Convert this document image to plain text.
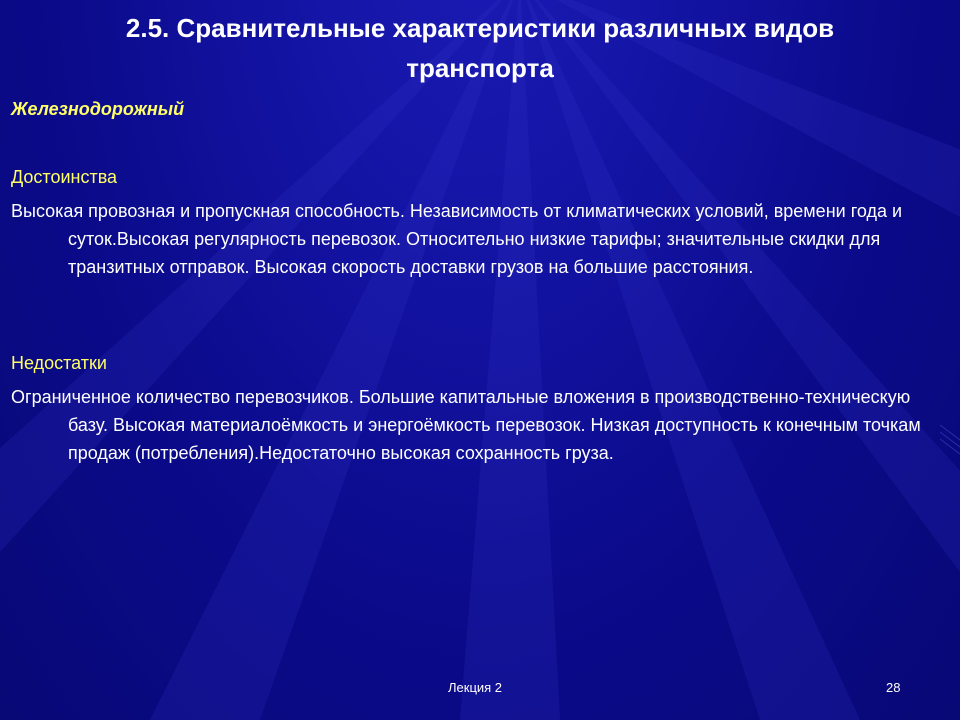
2.5. Сравнительные характеристики различных видов
транспорта
Железнодорожный
Достоинства
Высокая провозная и пропускная способность. Независимость от климатических условий, времени года и суток.Высокая регулярность перевозок. Относительно низкие тарифы; значительные скидки для транзитных отправок. Высокая скорость доставки грузов на большие расстояния.
Недостатки
Ограниченное количество перевозчиков. Большие капитальные вложения в производственно-техническую базу. Высокая материалоёмкость и энергоёмкость перевозок. Низкая доступность к конечным точкам продаж (потребления).Недостаточно высокая сохранность груза.
Лекция 2	28
